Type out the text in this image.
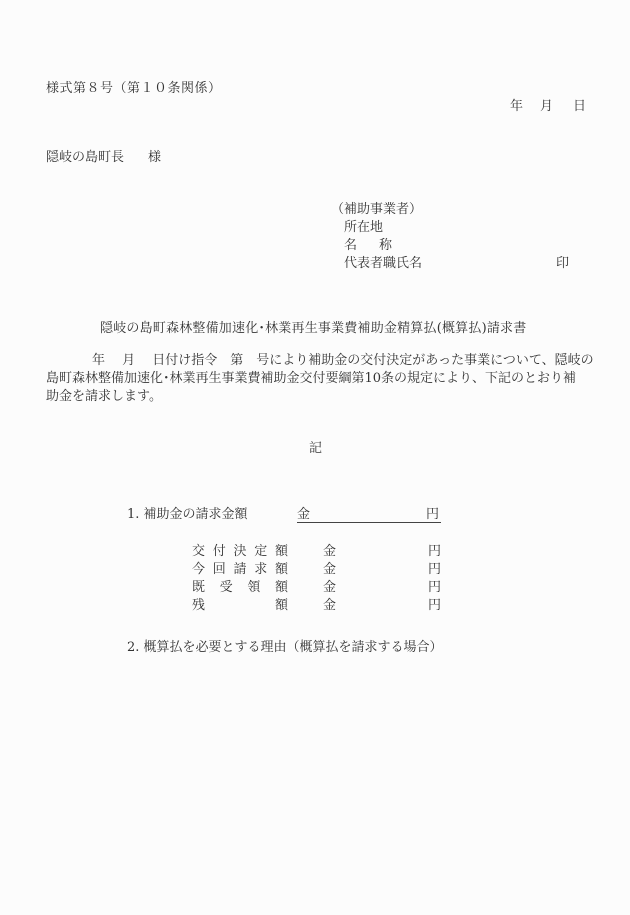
様式第８号（第１０条関係）
年 月 日
隠岐の島町長 様
（補助事業者）
所在地
名 称
代表者職氏名	印
隠岐の島町森林整備加速化･林業再生事業費補助金精算払(概算払)請求書
年　 月　 日付け指令　第　号により補助金の交付決定があった事業について、隠岐の
島町森林整備加速化･林業再生事業費補助金交付要綱第10条の規定により、下記のとおり補
助金を請求します。
記
1. 補助金の請求金額	金	円
交 付 決 定 額	金	円
今 回 請 求 額	金	円
既 受 領 額	金	円
残	額	金	円
2. 概算払を必要とする理由（概算払を請求する場合）
